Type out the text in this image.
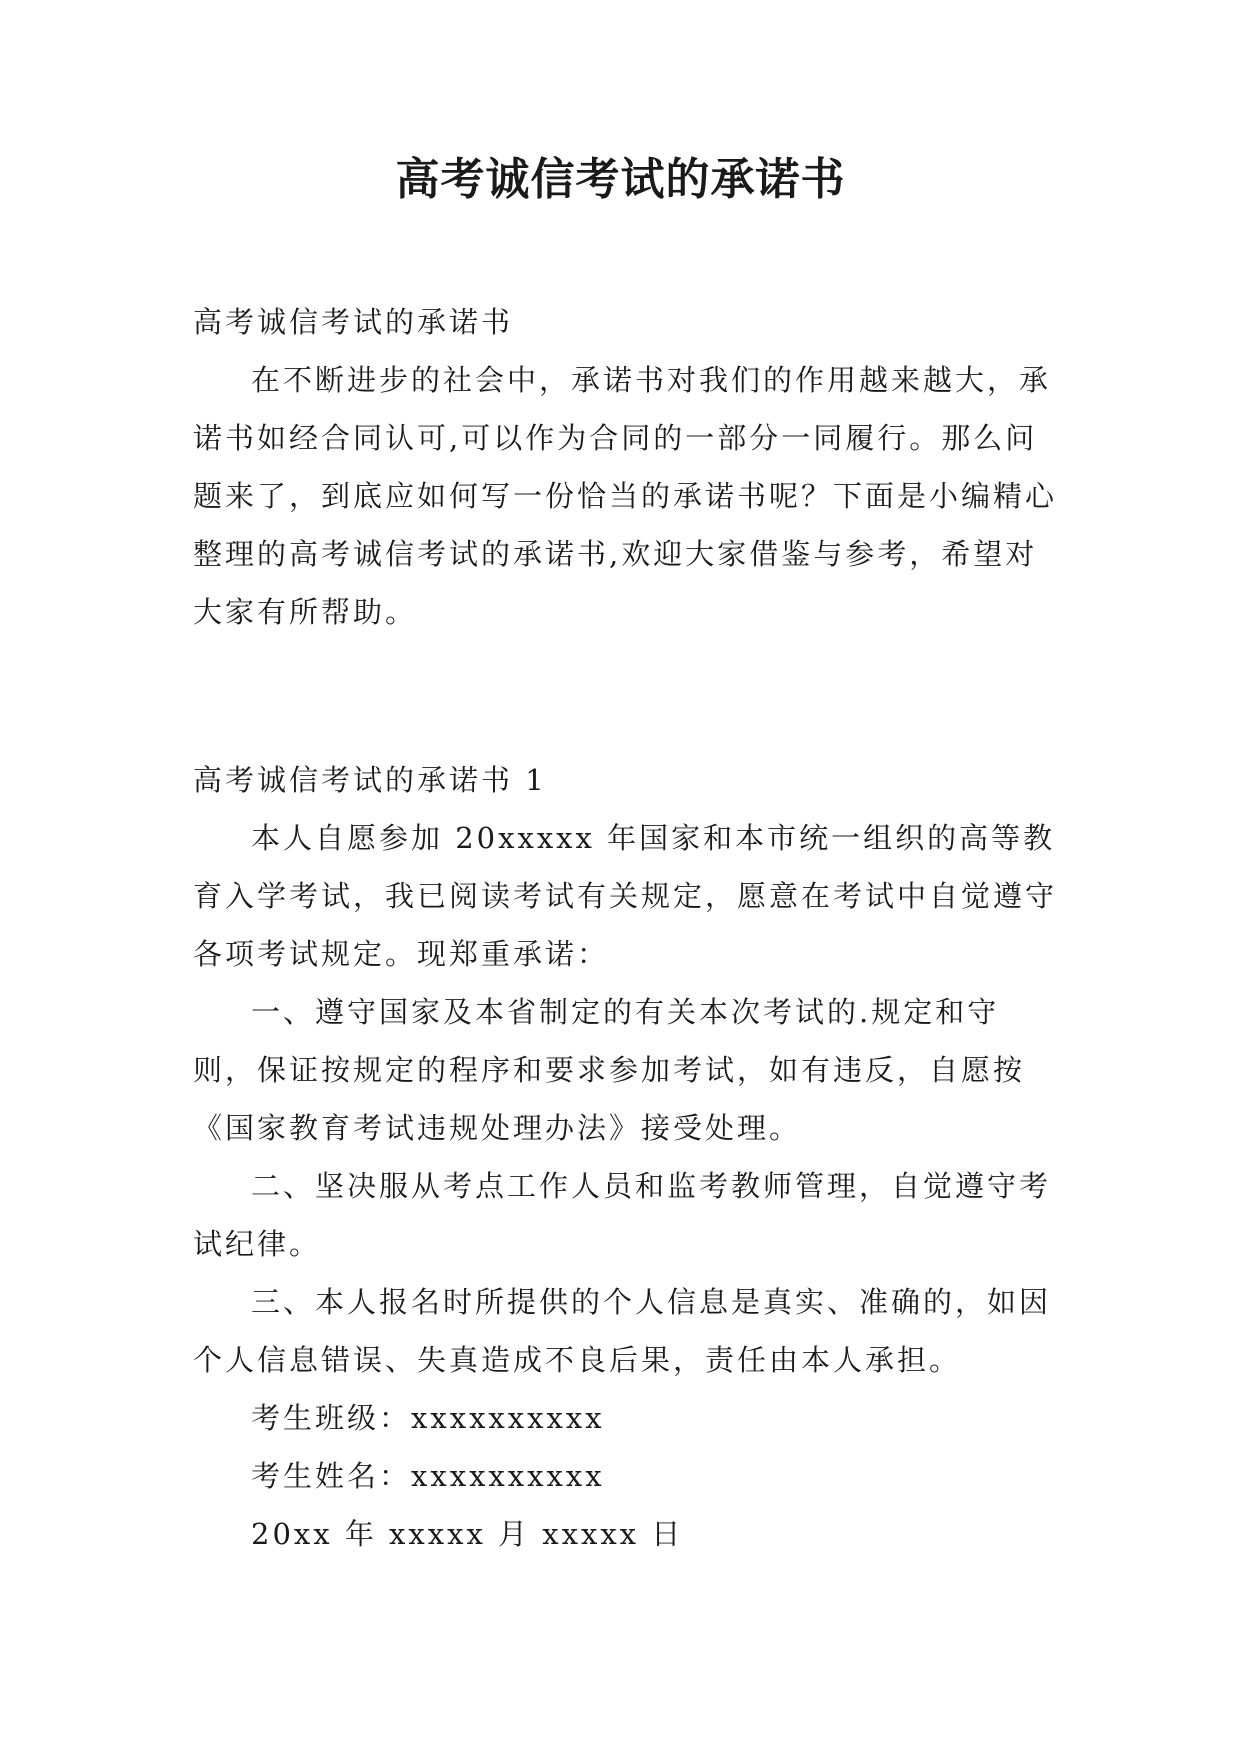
高考诚信考试的承诺书

高考诚信考试的承诺书

在不断进步的社会中，承诺书对我们的作用越来越大，承诺书如经合同认可,可以作为合同的一部分一同履行。那么问题来了，到底应如何写一份恰当的承诺书呢？下面是小编精心整理的高考诚信考试的承诺书,欢迎大家借鉴与参考，希望对大家有所帮助。

高考诚信考试的承诺书 1

本人自愿参加 20xxxxx 年国家和本市统一组织的高等教育入学考试，我已阅读考试有关规定，愿意在考试中自觉遵守各项考试规定。现郑重承诺：

一、遵守国家及本省制定的有关本次考试的.规定和守则，保证按规定的程序和要求参加考试，如有违反，自愿按《国家教育考试违规处理办法》接受处理。

二、坚决服从考点工作人员和监考教师管理，自觉遵守考试纪律。

三、本人报名时所提供的个人信息是真实、准确的，如因个人信息错误、失真造成不良后果，责任由本人承担。

考生班级：xxxxxxxxxx

考生姓名：xxxxxxxxxx

20xx 年 xxxxx 月 xxxxx 日
